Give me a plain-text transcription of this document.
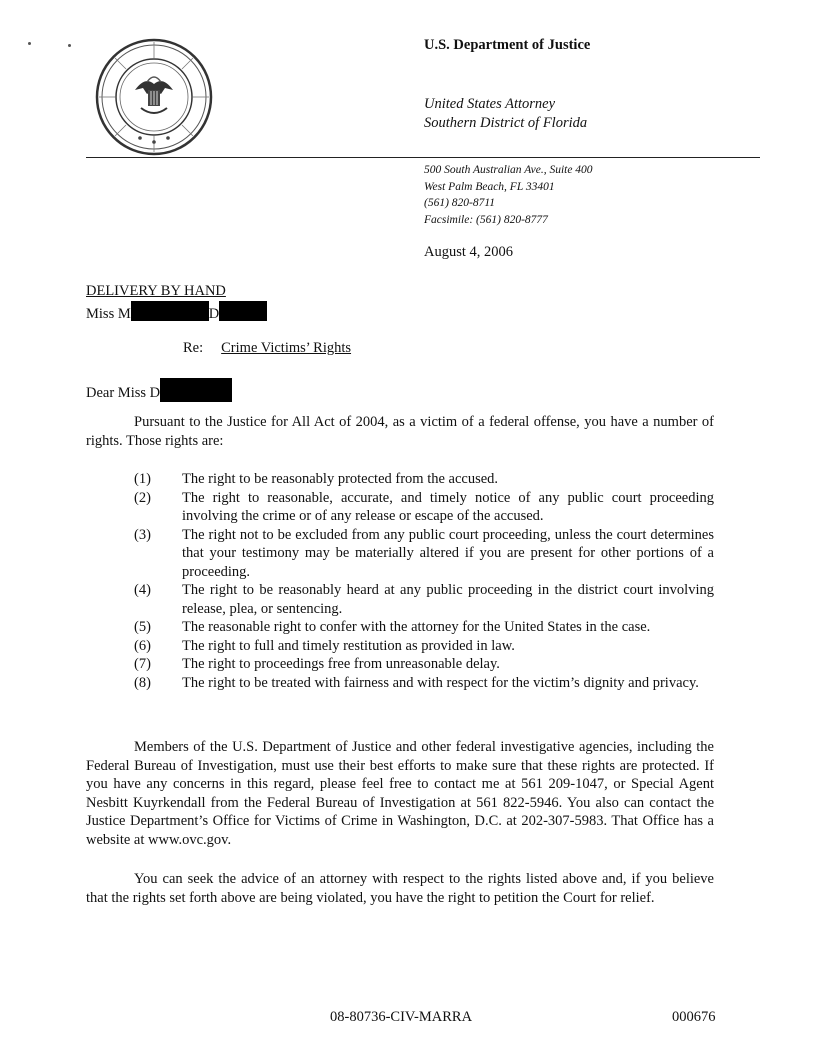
U.S. Department of Justice
United States Attorney
Southern District of Florida
500 South Australian Ave., Suite 400
West Palm Beach, FL 33401
(561) 820-8711
Facsimile: (561) 820-8777
August 4, 2006
DELIVERY BY HAND
Miss M	D
Re: Crime Victims’ Rights
Dear Miss D
Pursuant to the Justice for All Act of 2004, as a victim of a federal offense, you have a number of rights. Those rights are:
(1)	The right to be reasonably protected from the accused.
(2)	The right to reasonable, accurate, and timely notice of any public court proceeding involving the crime or of any release or escape of the accused.
(3)	The right not to be excluded from any public court proceeding, unless the court determines that your testimony may be materially altered if you are present for other portions of a proceeding.
(4)	The right to be reasonably heard at any public proceeding in the district court involving release, plea, or sentencing.
(5)	The reasonable right to confer with the attorney for the United States in the case.
(6)	The right to full and timely restitution as provided in law.
(7)	The right to proceedings free from unreasonable delay.
(8)	The right to be treated with fairness and with respect for the victim’s dignity and privacy.
Members of the U.S. Department of Justice and other federal investigative agencies, including the Federal Bureau of Investigation, must use their best efforts to make sure that these rights are protected. If you have any concerns in this regard, please feel free to contact me at 561 209-1047, or Special Agent Nesbitt Kuyrkendall from the Federal Bureau of Investigation at 561 822-5946. You also can contact the Justice Department’s Office for Victims of Crime in Washington, D.C. at 202-307-5983. That Office has a website at www.ovc.gov.
You can seek the advice of an attorney with respect to the rights listed above and, if you believe that the rights set forth above are being violated, you have the right to petition the Court for relief.
08-80736-CIV-MARRA	000676
